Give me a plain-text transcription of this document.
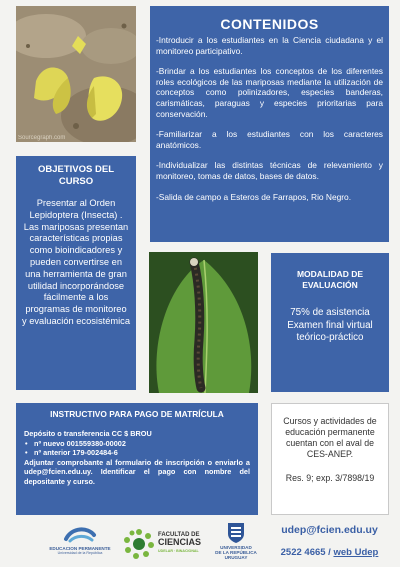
Sourcegraph.com
CONTENIDOS

-Introducir a los estudiantes en la Ciencia ciudadana y el monitoreo participativo.

-Brindar a los estudiantes los conceptos de los diferentes roles ecológicos de las mariposas mediante la utilización de conceptos como polinizadores, especies banderas, carismáticas, paraguas y especies prioritarias para conservación.

-Familiarizar a los estudiantes con los caracteres anatómicos.

-Individualizar las distintas técnicas de relevamiento y monitoreo, tomas de datos, bases de datos.

-Salida de campo a Esteros de Farrapos, Rio Negro.

OBJETIVOS DEL
CURSO

Presentar al Orden Lepidoptera (Insecta) . Las mariposas presentan características propias como bioindicadores y pueden convertirse en una herramienta de gran utilidad incorporándose fácilmente a los programas de monitoreo y evaluación ecosistémica

MODALIDAD DE
EVALUACIÓN

75% de asistencia
Examen final virtual
teórico-práctico

INSTRUCTIVO PARA PAGO DE MATRÍCULA
Depósito o transferencia CC $ BROU
• nº nuevo 001559380-00002
• nº anterior 179-002484-6
Adjuntar comprobante al formulario de inscripción o enviarlo a udep@fcien.edu.uy. Identificar el pago con nombre del depositante y curso.

Cursos y actividades de educación permanente cuentan con el aval de CES-ANEP.

Res. 9; exp. 3/7898/19

EDUCACION PERMANENTE
Universidad de la República
FACULTAD DE
CIENCIAS
UDELAR · BINACIONAL
UNIVERSIDAD
DE LA REPÚBLICA
URUGUAY
udep@fcien.edu.uy
2522 4665 / web Udep
